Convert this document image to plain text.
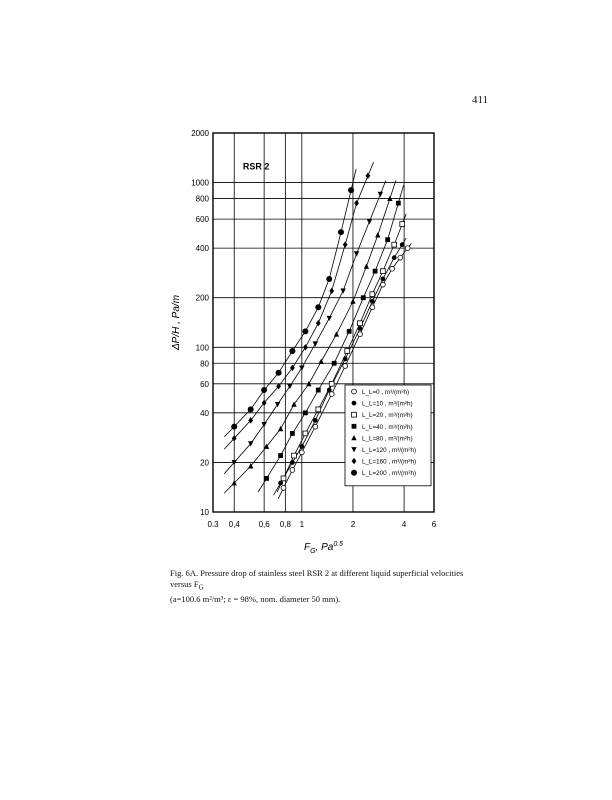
411
0.3 0,4 0,6 0,8 1	2	4	6
10
20
40
60
80
100
200
400
600
800
1000
2000
$F_G$, $Pa^{0.5}$
ΔP/H , Pa/m
RSR 2
L_L=0 , m³/(m²h)
L_L=10 , m³/(m²h)
L_L=20 , m³/(m²h)
L_L=40 , m³/(m²h)
L_L=80 , m³/(m²h)
L_L=120 , m³/(m²h)
L_L=160 , m³/(m²h)
L_L=200 , m³/(m²h)
Fig. 6A. Pressure drop of stainless steel RSR 2 at different liquid superficial velocities versus $F_G$
(a=100.6 m²/m³; ε = 98%, nom. diameter 50 mm).
